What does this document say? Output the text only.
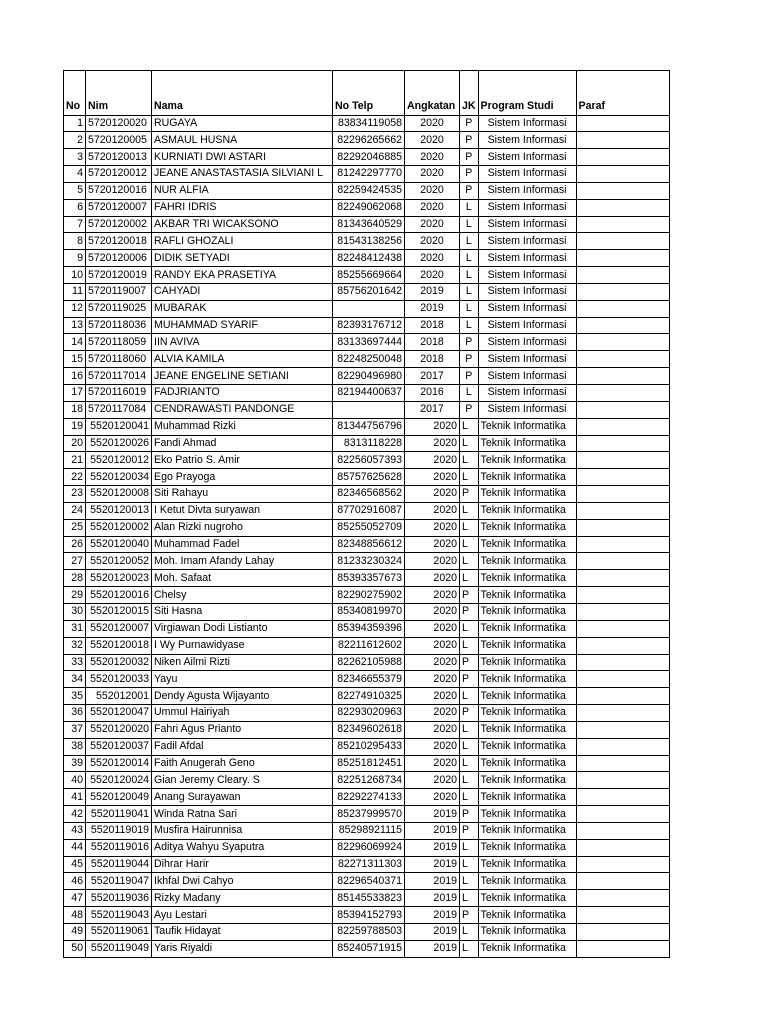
No	Nim	Nama	No Telp	Angkatan	JK	Program Studi	Paraf
1	5720120020	RUGAYA	83834119058	2020	P	Sistem Informasi	
2	5720120005	ASMAUL HUSNA	82296265662	2020	P	Sistem Informasi	
3	5720120013	KURNIATI DWI ASTARI	82292046885	2020	P	Sistem Informasi	
4	5720120012	JEANE ANASTASTASIA SILVIANI L	81242297770	2020	P	Sistem Informasi	
5	5720120016	NUR ALFIA	82259424535	2020	P	Sistem Informasi	
6	5720120007	FAHRI IDRIS	82249062068	2020	L	Sistem Informasi	
7	5720120002	AKBAR TRI WICAKSONO	81343640529	2020	L	Sistem Informasi	
8	5720120018	RAFLI GHOZALI	81543138256	2020	L	Sistem Informasi	
9	5720120006	DIDIK SETYADI	82248412438	2020	L	Sistem Informasi	
10	5720120019	RANDY EKA PRASETIYA	85255669664	2020	L	Sistem Informasi	
11	5720119007	CAHYADI	85756201642	2019	L	Sistem Informasi	
12	5720119025	MUBARAK		2019	L	Sistem Informasi	
13	5720118036	MUHAMMAD SYARIF	82393176712	2018	L	Sistem Informasi	
14	5720118059	IIN AVIVA	83133697444	2018	P	Sistem Informasi	
15	5720118060	ALVIA KAMILA	82248250048	2018	P	Sistem Informasi	
16	5720117014	JEANE ENGELINE SETIANI	82290496980	2017	P	Sistem Informasi	
17	5720116019	FADJRIANTO	82194400637	2016	L	Sistem Informasi	
18	5720117084	CENDRAWASTI PANDONGE		2017	P	Sistem Informasi	
19	5520120041	Muhammad Rizki	81344756796	2020	L	Teknik Informatika	
20	5520120026	Fandi Ahmad	8313118228	2020	L	Teknik Informatika	
21	5520120012	Eko Patrio S. Amir	82256057393	2020	L	Teknik Informatika	
22	5520120034	Ego Prayoga	85757625628	2020	L	Teknik Informatika	
23	5520120008	Siti Rahayu	82346568562	2020	P	Teknik Informatika	
24	5520120013	I Ketut Divta suryawan	87702916087	2020	L	Teknik Informatika	
25	5520120002	Alan Rizki nugroho	85255052709	2020	L	Teknik Informatika	
26	5520120040	Muhammad Fadel	82348856612	2020	L	Teknik Informatika	
27	5520120052	Moh. Imam Afandy Lahay	81233230324	2020	L	Teknik Informatika	
28	5520120023	Moh. Safaat	85393357673	2020	L	Teknik Informatika	
29	5520120016	Chelsy	82290275902	2020	P	Teknik Informatika	
30	5520120015	Siti Hasna	85340819970	2020	P	Teknik Informatika	
31	5520120007	Virgiawan Dodi Listianto	85394359396	2020	L	Teknik Informatika	
32	5520120018	I Wy Purnawidyase	82211612602	2020	L	Teknik Informatika	
33	5520120032	Niken Ailmi Rizti	82262105988	2020	P	Teknik Informatika	
34	5520120033	Yayu	82346655379	2020	P	Teknik Informatika	
35	552012001	Dendy Agusta Wijayanto	82274910325	2020	L	Teknik Informatika	
36	5520120047	Ummul Hairiyah	82293020963	2020	P	Teknik Informatika	
37	5520120020	Fahri Agus Prianto	82349602618	2020	L	Teknik Informatika	
38	5520120037	Fadil Afdal	85210295433	2020	L	Teknik Informatika	
39	5520120014	Faith Anugerah Geno	85251812451	2020	L	Teknik Informatika	
40	5520120024	Gian Jeremy Cleary. S	82251268734	2020	L	Teknik Informatika	
41	5520120049	Anang Surayawan	82292274133	2020	L	Teknik Informatika	
42	5520119041	Winda Ratna Sari	85237999570	2019	P	Teknik Informatika	
43	5520119019	Musfira Hairunnisa	85298921115	2019	P	Teknik Informatika	
44	5520119016	Aditya Wahyu Syaputra	82296069924	2019	L	Teknik Informatika	
45	5520119044	Dihrar Harir	82271311303	2019	L	Teknik Informatika	
46	5520119047	Ikhfal Dwi Cahyo	82296540371	2019	L	Teknik Informatika	
47	5520119036	Rizky Madany	85145533823	2019	L	Teknik Informatika	
48	5520119043	Ayu Lestari	85394152793	2019	P	Teknik Informatika	
49	5520119061	Taufik Hidayat	82259788503	2019	L	Teknik Informatika	
50	5520119049	Yaris Riyaldi	85240571915	2019	L	Teknik Informatika	
